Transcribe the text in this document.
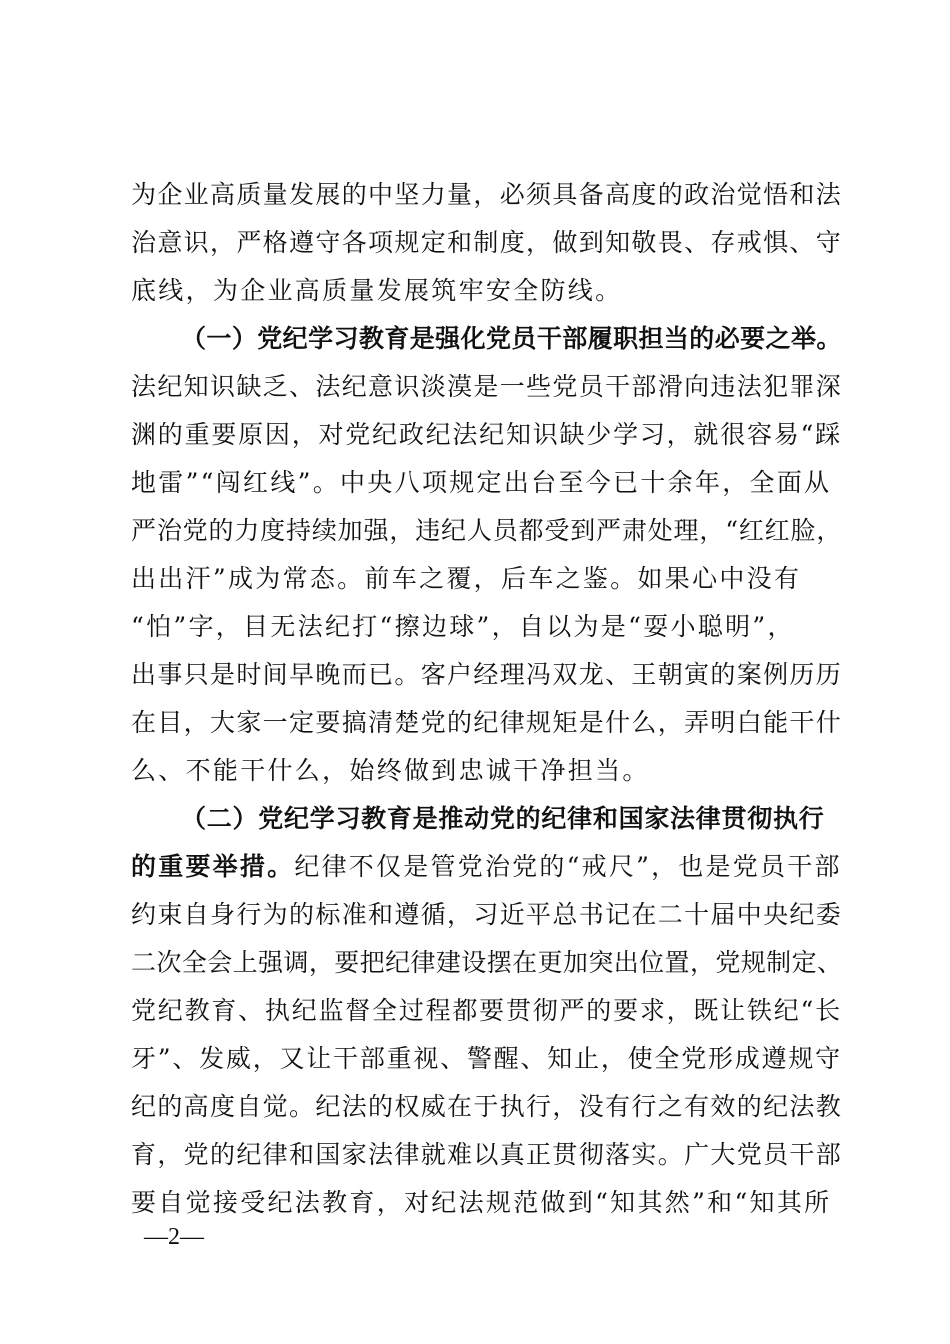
为企业高质量发展的中坚力量，必须具备高度的政治觉悟和法
治意识，严格遵守各项规定和制度，做到知敬畏、存戒惧、守
底线，为企业高质量发展筑牢安全防线。
（一）党纪学习教育是强化党员干部履职担当的必要之举。
法纪知识缺乏、法纪意识淡漠是一些党员干部滑向违法犯罪深
渊的重要原因，对党纪政纪法纪知识缺少学习，就很容易“踩
地雷”“闯红线”。中央八项规定出台至今已十余年，全面从
严治党的力度持续加强，违纪人员都受到严肃处理，“红红脸，
出出汗”成为常态。前车之覆，后车之鉴。如果心中没有
“怕”字，目无法纪打“擦边球”，自以为是“耍小聪明”，
出事只是时间早晚而已。客户经理冯双龙、王朝寅的案例历历
在目，大家一定要搞清楚党的纪律规矩是什么，弄明白能干什
么、不能干什么，始终做到忠诚干净担当。
（二）党纪学习教育是推动党的纪律和国家法律贯彻执行
的重要举措。纪律不仅是管党治党的“戒尺”，也是党员干部
约束自身行为的标准和遵循，习近平总书记在二十届中央纪委
二次全会上强调，要把纪律建设摆在更加突出位置，党规制定、
党纪教育、执纪监督全过程都要贯彻严的要求，既让铁纪“长
牙”、发威，又让干部重视、警醒、知止，使全党形成遵规守
纪的高度自觉。纪法的权威在于执行，没有行之有效的纪法教
育，党的纪律和国家法律就难以真正贯彻落实。广大党员干部
要自觉接受纪法教育，对纪法规范做到“知其然”和“知其所
—2—
